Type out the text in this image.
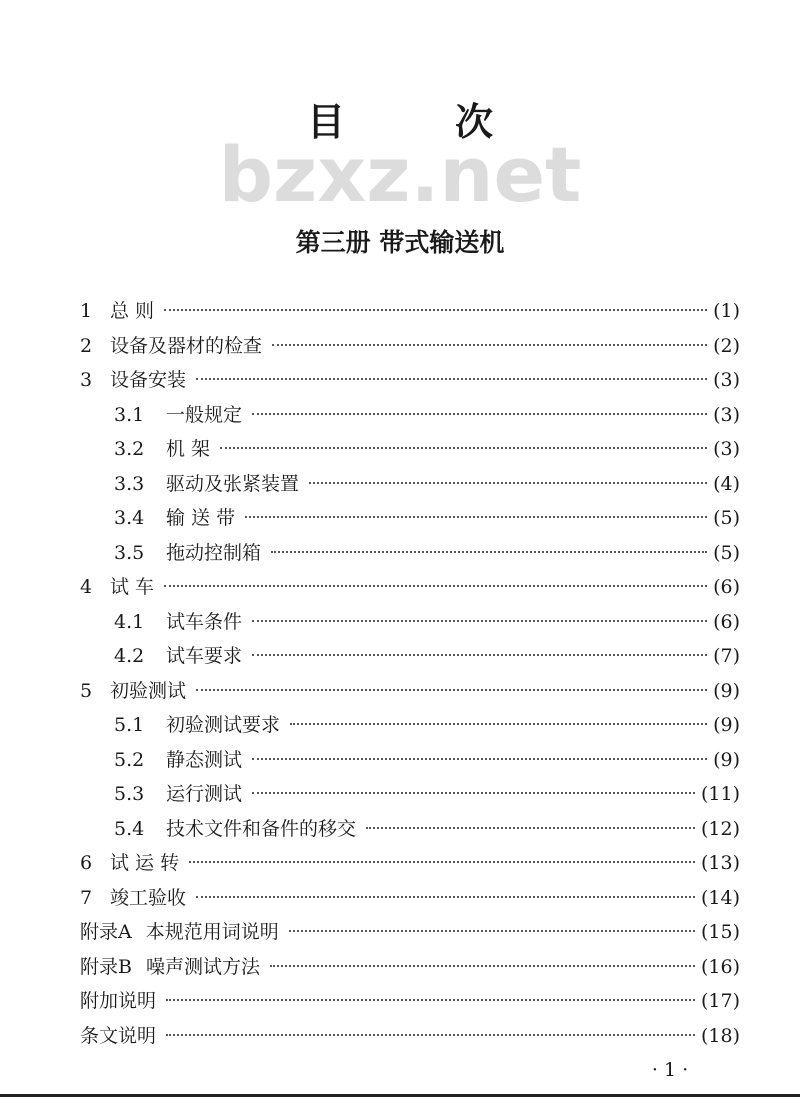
bzxz.net
目次
第三册 带式输送机
1 总 则	(1)
2 设备及器材的检查	(2)
3 设备安装	(3)
3.1	一般规定	(3)
3.2	机 架	(3)
3.3	驱动及张紧装置	(4)
3.4	输 送 带	(5)
3.5	拖动控制箱	(5)
4 试 车	(6)
4.1	试车条件	(6)
4.2	试车要求	(7)
5 初验测试	(9)
5.1	初验测试要求	(9)
5.2	静态测试	(9)
5.3	运行测试	(11)
5.4	技术文件和备件的移交	(12)
6 试 运 转	(13)
7 竣工验收	(14)
附录A 本规范用词说明	(15)
附录B 噪声测试方法	(16)
附加说明	(17)
条文说明	(18)
· 1 ·
